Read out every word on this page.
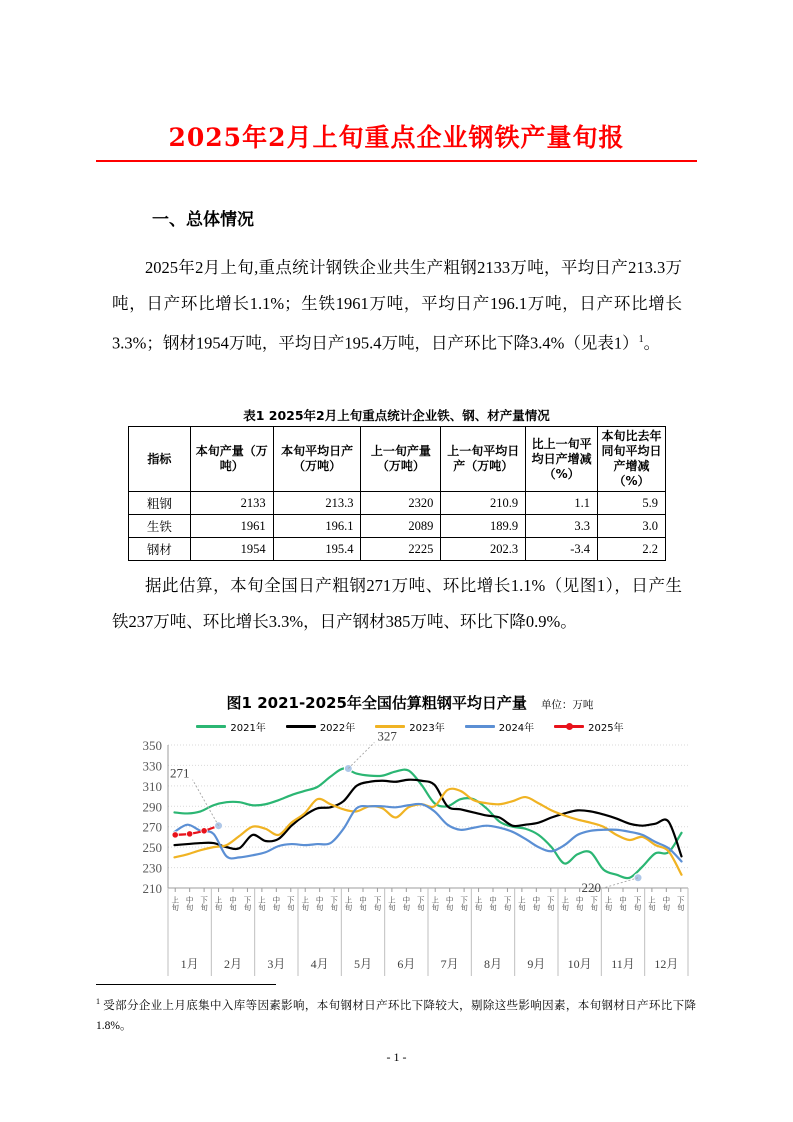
2025年2月上旬重点企业钢铁产量旬报
一、总体情况
2025年2月上旬,重点统计钢铁企业共生产粗钢2133万吨，平均日产213.3万吨，日产环比增长1.1%；生铁1961万吨，平均日产196.1万吨，日产环比增长3.3%；钢材1954万吨，平均日产195.4万吨，日产环比下降3.4%（见表1）$^1$。
表1 2025年2月上旬重点统计企业铁、钢、材产量情况
指标	本旬产量（万吨）	本旬平均日产（万吨）	上一旬产量（万吨）	上一旬平均日产（万吨）	比上一旬平均日产增减（%）	本旬比去年同旬平均日产增减（%）
粗钢	2133	213.3	2320	210.9	1.1	5.9
生铁	1961	196.1	2089	189.9	3.3	3.0
钢材	1954	195.4	2225	202.3	-3.4	2.2
据此估算，本旬全国日产粗钢271万吨、环比增长1.1%（见图1），日产生铁237万吨、环比增长3.3%，日产钢材385万吨、环比下降0.9%。
图1 2021-2025年全国估算粗钢平均日产量 单位：万吨
2021年	2022年	2023年	2024年	2025年
210
230
250
270
290
310
330
350
上旬 中旬 下旬 上旬 中旬 下旬 上旬 中旬 下旬 上旬 中旬 下旬 上旬 中旬 下旬 上旬 中旬 下旬 上旬 中旬 下旬 上旬 中旬 下旬 上旬 中旬 下旬 上旬 中旬 下旬 上旬 中旬 下旬 上旬 中旬 下旬
1月 2月 3月 4月 5月 6月 7月 8月 9月 10月 11月 12月
271
327
220
$^1$ 受部分企业上月底集中入库等因素影响，本旬钢材日产环比下降较大，剔除这些影响因素，本旬钢材日产环比下降1.8%。
- 1 -
